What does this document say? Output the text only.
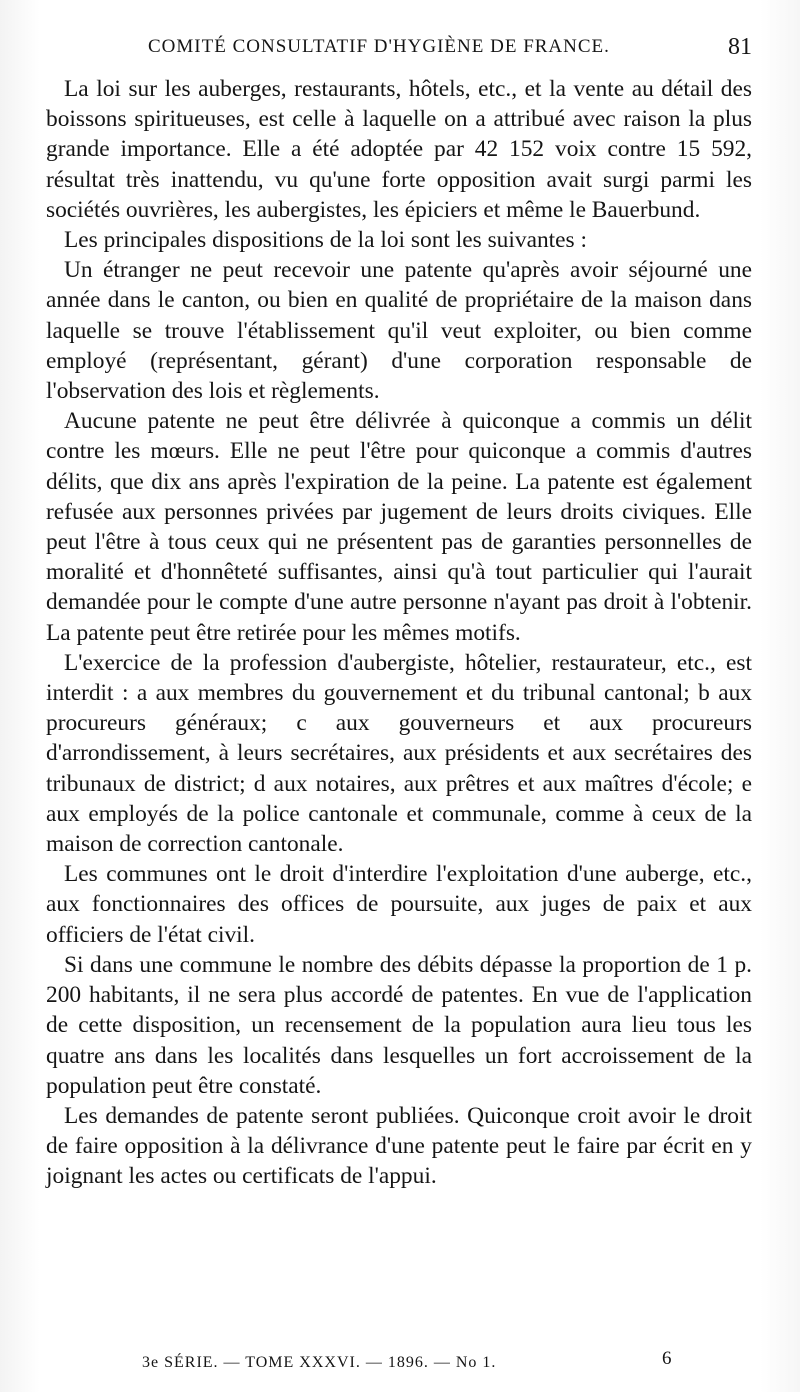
COMITÉ CONSULTATIF D'HYGIÈNE DE FRANCE.	81

La loi sur les auberges, restaurants, hôtels, etc., et la vente au détail des boissons spiritueuses, est celle à laquelle on a attribué avec raison la plus grande importance. Elle a été adoptée par 42 152 voix contre 15 592, résultat très inattendu, vu qu'une forte opposition avait surgi parmi les sociétés ouvrières, les aubergistes, les épiciers et même le Bauerbund.

Les principales dispositions de la loi sont les suivantes :

Un étranger ne peut recevoir une patente qu'après avoir séjourné une année dans le canton, ou bien en qualité de propriétaire de la maison dans laquelle se trouve l'établissement qu'il veut exploiter, ou bien comme employé (représentant, gérant) d'une corporation responsable de l'observation des lois et règlements.

Aucune patente ne peut être délivrée à quiconque a commis un délit contre les mœurs. Elle ne peut l'être pour quiconque a commis d'autres délits, que dix ans après l'expiration de la peine. La patente est également refusée aux personnes privées par jugement de leurs droits civiques. Elle peut l'être à tous ceux qui ne présentent pas de garanties personnelles de moralité et d'honnêteté suffisantes, ainsi qu'à tout particulier qui l'aurait demandée pour le compte d'une autre personne n'ayant pas droit à l'obtenir. La patente peut être retirée pour les mêmes motifs.

L'exercice de la profession d'aubergiste, hôtelier, restaurateur, etc., est interdit : a aux membres du gouvernement et du tribunal cantonal; b aux procureurs généraux; c aux gouverneurs et aux procureurs d'arrondissement, à leurs secrétaires, aux présidents et aux secrétaires des tribunaux de district; d aux notaires, aux prêtres et aux maîtres d'école; e aux employés de la police cantonale et communale, comme à ceux de la maison de correction cantonale.

Les communes ont le droit d'interdire l'exploitation d'une auberge, etc., aux fonctionnaires des offices de poursuite, aux juges de paix et aux officiers de l'état civil.

Si dans une commune le nombre des débits dépasse la proportion de 1 p. 200 habitants, il ne sera plus accordé de patentes. En vue de l'application de cette disposition, un recensement de la population aura lieu tous les quatre ans dans les localités dans lesquelles un fort accroissement de la population peut être constaté.

Les demandes de patente seront publiées. Quiconque croit avoir le droit de faire opposition à la délivrance d'une patente peut le faire par écrit en y joignant les actes ou certificats de l'appui.

3e SÉRIE. — TOME XXXVI. — 1896. — No 1.	6
